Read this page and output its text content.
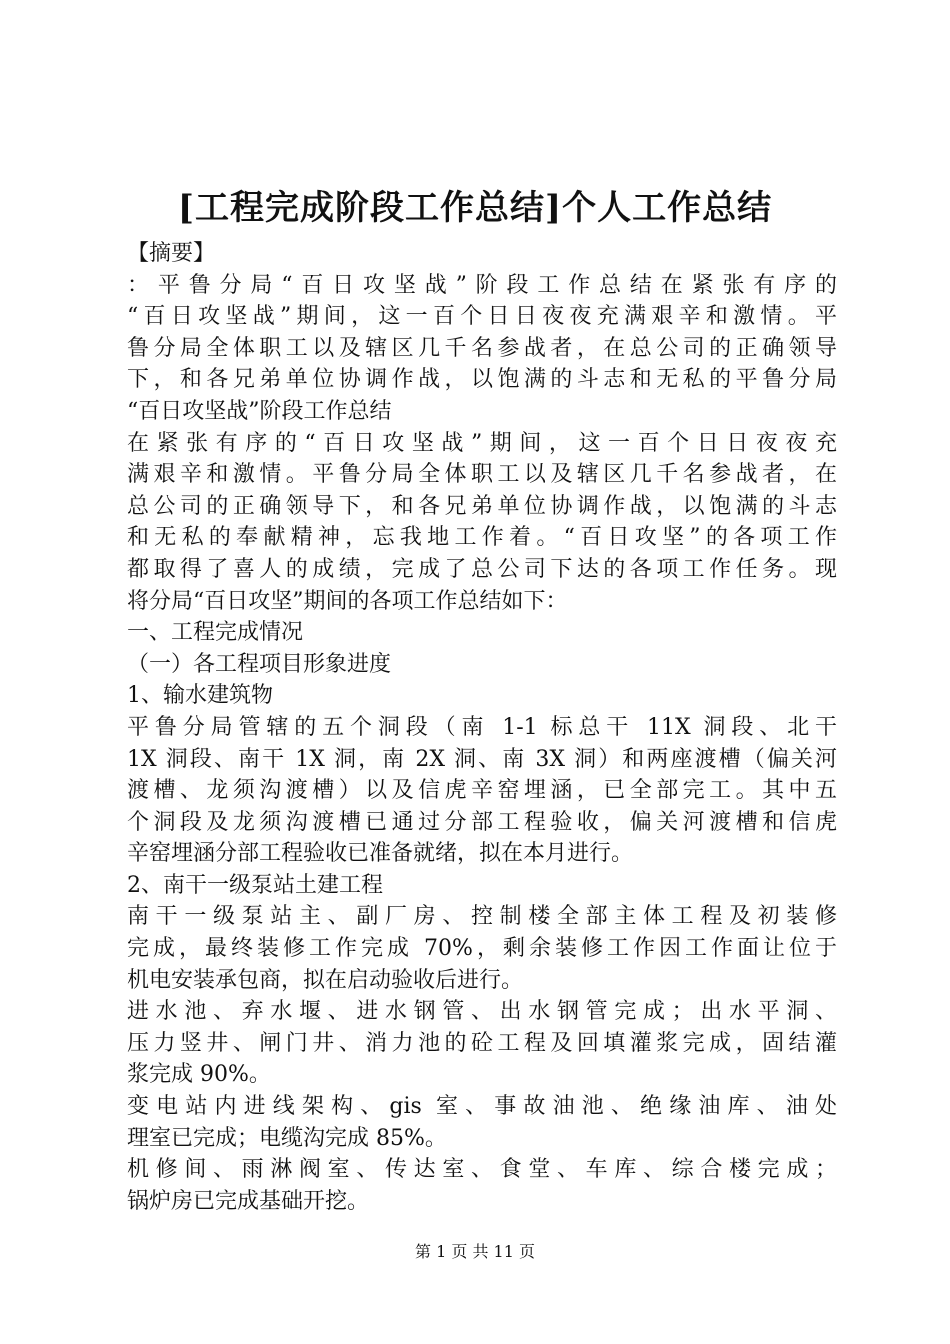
[工程完成阶段工作总结]个人工作总结
【摘要】
：平鲁分局“百日攻坚战”阶段工作总结在紧张有序的
“百日攻坚战”期间，这一百个日日夜夜充满艰辛和激情。平
鲁分局全体职工以及辖区几千名参战者，在总公司的正确领导
下，和各兄弟单位协调作战，以饱满的斗志和无私的平鲁分局
“百日攻坚战”阶段工作总结
在紧张有序的“百日攻坚战”期间，这一百个日日夜夜充
满艰辛和激情。平鲁分局全体职工以及辖区几千名参战者，在
总公司的正确领导下，和各兄弟单位协调作战，以饱满的斗志
和无私的奉献精神，忘我地工作着。“百日攻坚”的各项工作
都取得了喜人的成绩，完成了总公司下达的各项工作任务。现
将分局“百日攻坚”期间的各项工作总结如下：
一、工程完成情况
（一）各工程项目形象进度
1、输水建筑物
平鲁分局管辖的五个洞段（南 1-1 标总干 11X 洞段、北干
1X 洞段、南干 1X 洞，南 2X 洞、南 3X 洞）和两座渡槽（偏关河
渡槽、龙须沟渡槽）以及信虎辛窑埋涵，已全部完工。其中五
个洞段及龙须沟渡槽已通过分部工程验收，偏关河渡槽和信虎
辛窑埋涵分部工程验收已准备就绪，拟在本月进行。
2、南干一级泵站土建工程
南干一级泵站主、副厂房、控制楼全部主体工程及初装修
完成，最终装修工作完成 70%，剩余装修工作因工作面让位于
机电安装承包商，拟在启动验收后进行。
进水池、弃水堰、进水钢管、出水钢管完成；出水平洞、
压力竖井、闸门井、消力池的砼工程及回填灌浆完成，固结灌
浆完成 90%。
变电站内进线架构、gis 室、事故油池、绝缘油库、油处
理室已完成；电缆沟完成 85%。
机修间、雨淋阀室、传达室、食堂、车库、综合楼完成；
锅炉房已完成基础开挖。
第 1 页 共 11 页
